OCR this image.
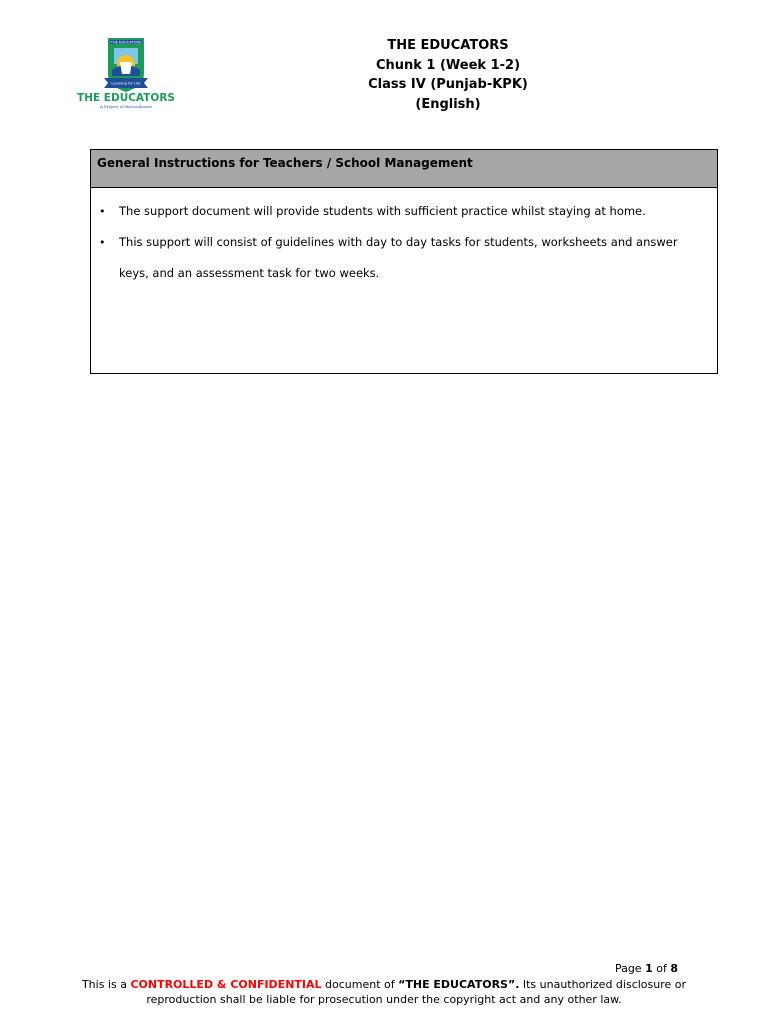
THE EDUCATORS
Learning for Life
THE EDUCATORS
A Project of Beaconhouse
THE EDUCATORS
Chunk 1 (Week 1-2)
Class IV (Punjab-KPK)
(English)
General Instructions for Teachers / School Management
• The support document will provide students with sufficient practice whilst staying at home.
• This support will consist of guidelines with day to day tasks for students, worksheets and answer keys, and an assessment task for two weeks.
Page 1 of 8
This is a CONTROLLED & CONFIDENTIAL document of “THE EDUCATORS”. Its unauthorized disclosure or
reproduction shall be liable for prosecution under the copyright act and any other law.
